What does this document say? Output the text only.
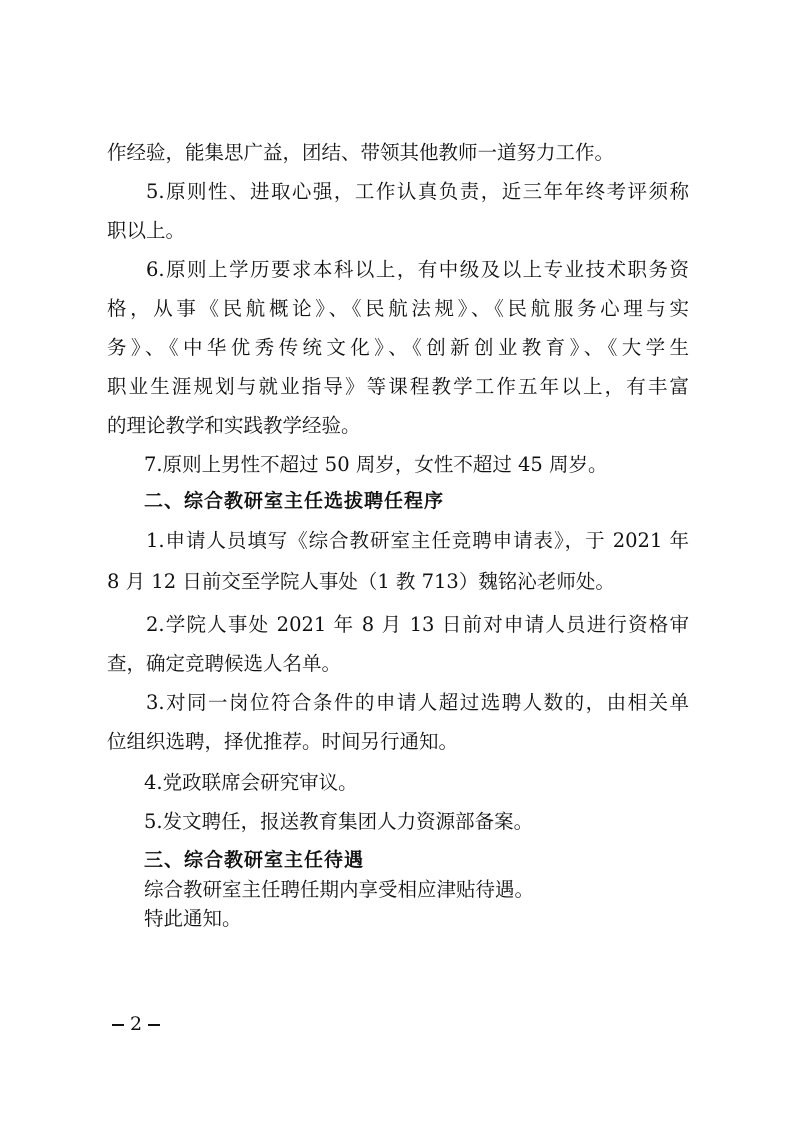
作经验，能集思广益，团结、带领其他教师一道努力工作。
5.原则性、进取心强，工作认真负责，近三年年终考评须称
职以上。
6.原则上学历要求本科以上，有中级及以上专业技术职务资
格，从事《民航概论》、《民航法规》、《民航服务心理与实
务》、《中华优秀传统文化》、《创新创业教育》、《大学生
职业生涯规划与就业指导》等课程教学工作五年以上，有丰富
的理论教学和实践教学经验。
7.原则上男性不超过 50 周岁，女性不超过 45 周岁。
二、综合教研室主任选拔聘任程序
1.申请人员填写《综合教研室主任竞聘申请表》，于 2021 年
8 月 12 日前交至学院人事处（1 教 713）魏铭沁老师处。
2.学院人事处 2021 年 8 月 13 日前对申请人员进行资格审
查，确定竞聘候选人名单。
3.对同一岗位符合条件的申请人超过选聘人数的，由相关单
位组织选聘，择优推荐。时间另行通知。
4.党政联席会研究审议。
5.发文聘任，报送教育集团人力资源部备案。
三、综合教研室主任待遇
综合教研室主任聘任期内享受相应津贴待遇。
特此通知。
2
